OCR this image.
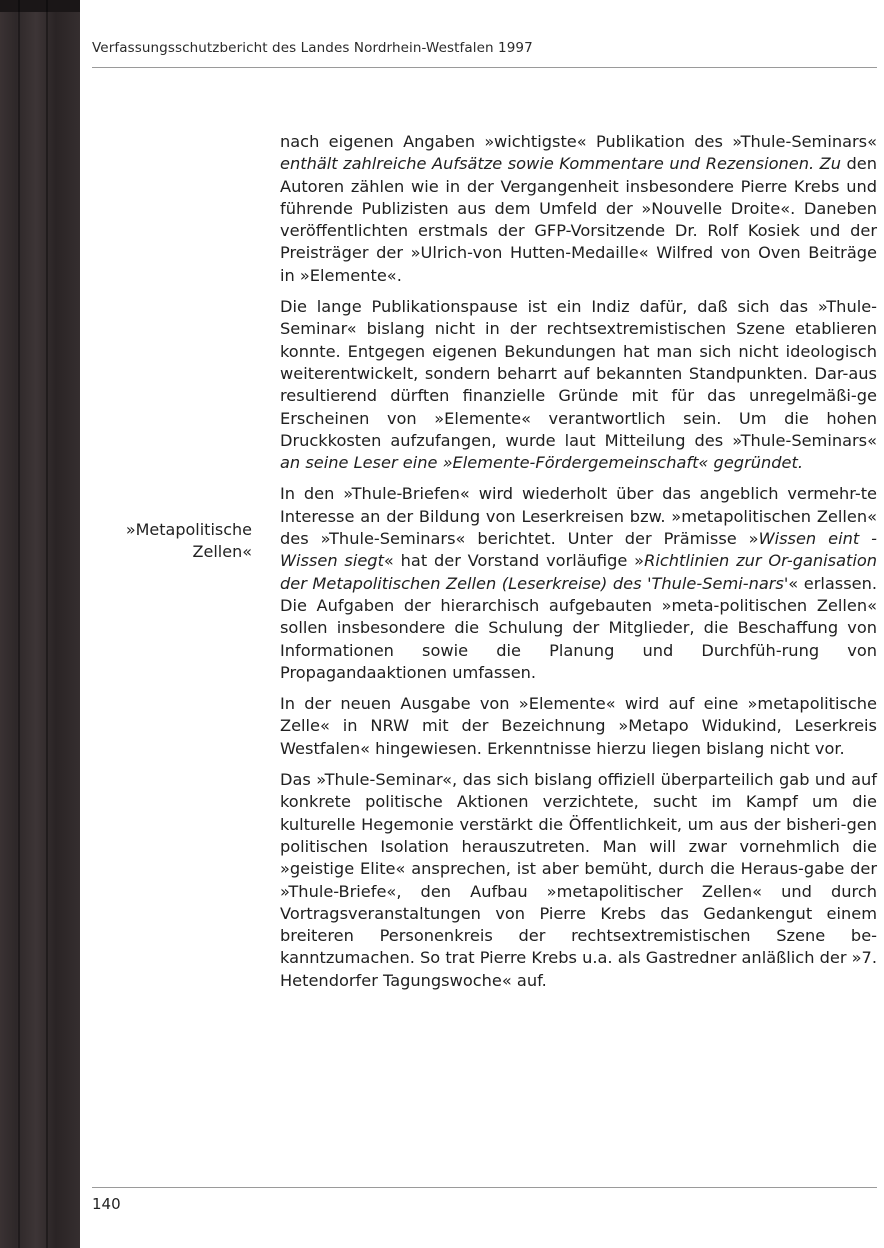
Verfassungsschutzbericht des Landes Nordrhein-Westfalen 1997
»Metapolitische
Zellen«

nach eigenen Angaben »wichtigste« Publikation des »Thule-Seminars« enthält zahlreiche Aufsätze sowie Kommentare und Rezensionen. Zu den Autoren zählen wie in der Vergangenheit insbesondere Pierre Krebs und führende Publizisten aus dem Umfeld der »Nouvelle Droite«. Daneben veröffentlichten erstmals der GFP-Vorsitzende Dr. Rolf Kosiek und der Preisträger der »Ulrich-von Hutten-Medaille« Wilfred von Oven Beiträge in »Elemente«.

Die lange Publikationspause ist ein Indiz dafür, daß sich das »Thule-Seminar« bislang nicht in der rechtsextremistischen Szene etablieren konnte. Entgegen eigenen Bekundungen hat man sich nicht ideologisch weiterentwickelt, sondern beharrt auf bekannten Standpunkten. Dar-aus resultierend dürften finanzielle Gründe mit für das unregelmäßi-ge Erscheinen von »Elemente« verantwortlich sein. Um die hohen Druckkosten aufzufangen, wurde laut Mitteilung des »Thule-Seminars« an seine Leser eine »Elemente-Fördergemeinschaft« gegründet.

In den »Thule-Briefen« wird wiederholt über das angeblich vermehr-te Interesse an der Bildung von Leserkreisen bzw. »metapolitischen Zellen« des »Thule-Seminars« berichtet. Unter der Prämisse »Wissen eint - Wissen siegt« hat der Vorstand vorläufige »Richtlinien zur Or-ganisation der Metapolitischen Zellen (Leserkreise) des 'Thule-Semi-nars'« erlassen. Die Aufgaben der hierarchisch aufgebauten »meta-politischen Zellen« sollen insbesondere die Schulung der Mitglieder, die Beschaffung von Informationen sowie die Planung und Durchfüh-rung von Propagandaaktionen umfassen.

In der neuen Ausgabe von »Elemente« wird auf eine »metapolitische Zelle« in NRW mit der Bezeichnung »Metapo Widukind, Leserkreis Westfalen« hingewiesen. Erkenntnisse hierzu liegen bislang nicht vor.

Das »Thule-Seminar«, das sich bislang offiziell überparteilich gab und auf konkrete politische Aktionen verzichtete, sucht im Kampf um die kulturelle Hegemonie verstärkt die Öffentlichkeit, um aus der bisheri-gen politischen Isolation herauszutreten. Man will zwar vornehmlich die »geistige Elite« ansprechen, ist aber bemüht, durch die Heraus-gabe der »Thule-Briefe«, den Aufbau »metapolitischer Zellen« und durch Vortragsveranstaltungen von Pierre Krebs das Gedankengut einem breiteren Personenkreis der rechtsextremistischen Szene be-kanntzumachen. So trat Pierre Krebs u.a. als Gastredner anläßlich der »7. Hetendorfer Tagungswoche« auf.

140
